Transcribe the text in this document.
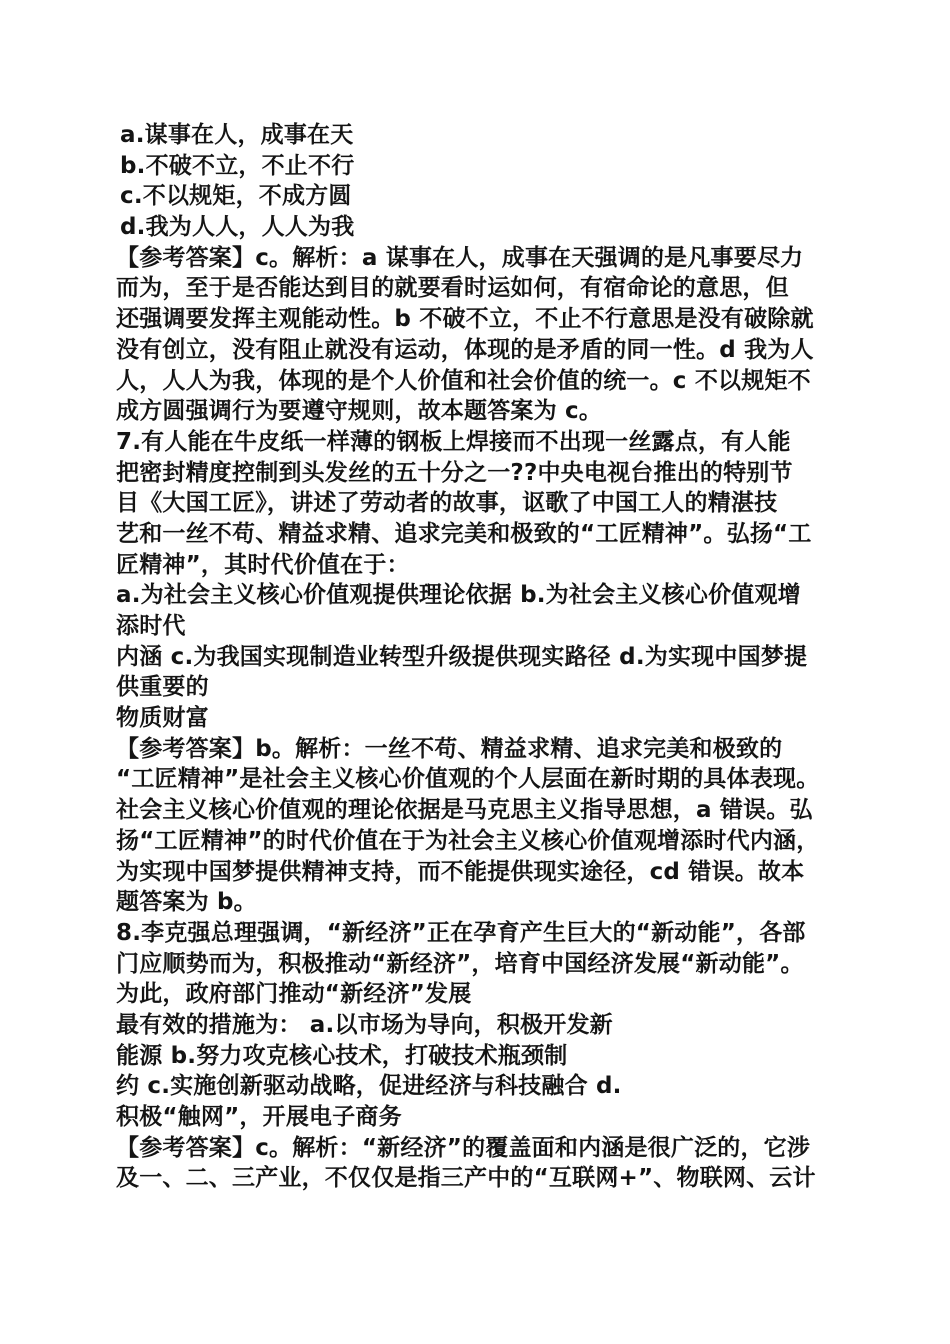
a.谋事在人，成事在天
b.不破不立，不止不行
c.不以规矩，不成方圆
d.我为人人，人人为我
【参考答案】c。解析：a 谋事在人，成事在天强调的是凡事要尽力
而为，至于是否能达到目的就要看时运如何，有宿命论的意思，但
还强调要发挥主观能动性。b 不破不立，不止不行意思是没有破除就
没有创立，没有阻止就没有运动，体现的是矛盾的同一性。d 我为人
人，人人为我，体现的是个人价值和社会价值的统一。c 不以规矩不
成方圆强调行为要遵守规则，故本题答案为 c。
7.有人能在牛皮纸一样薄的钢板上焊接而不出现一丝露点，有人能
把密封精度控制到头发丝的五十分之一??中央电视台推出的特别节
目《大国工匠》，讲述了劳动者的故事，讴歌了中国工人的精湛技
艺和一丝不苟、精益求精、追求完美和极致的“工匠精神”。弘扬“工
匠精神”，其时代价值在于：
a.为社会主义核心价值观提供理论依据 b.为社会主义核心价值观增
添时代
内涵 c.为我国实现制造业转型升级提供现实路径 d.为实现中国梦提
供重要的
物质财富
【参考答案】b。解析：一丝不苟、精益求精、追求完美和极致的
“工匠精神”是社会主义核心价值观的个人层面在新时期的具体表现。
社会主义核心价值观的理论依据是马克思主义指导思想，a 错误。弘
扬“工匠精神”的时代价值在于为社会主义核心价值观增添时代内涵，
为实现中国梦提供精神支持，而不能提供现实途径，cd 错误。故本
题答案为 b。
8.李克强总理强调，“新经济”正在孕育产生巨大的“新动能”，各部
门应顺势而为，积极推动“新经济”，培育中国经济发展“新动能”。
为此，政府部门推动“新经济”发展
最有效的措施为： a.以市场为导向，积极开发新
能源 b.努力攻克核心技术，打破技术瓶颈制
约 c.实施创新驱动战略，促进经济与科技融合 d.
积极“触网”，开展电子商务
【参考答案】c。解析：“新经济”的覆盖面和内涵是很广泛的，它涉
及一、二、三产业，不仅仅是指三产中的“互联网+”、物联网、云计
